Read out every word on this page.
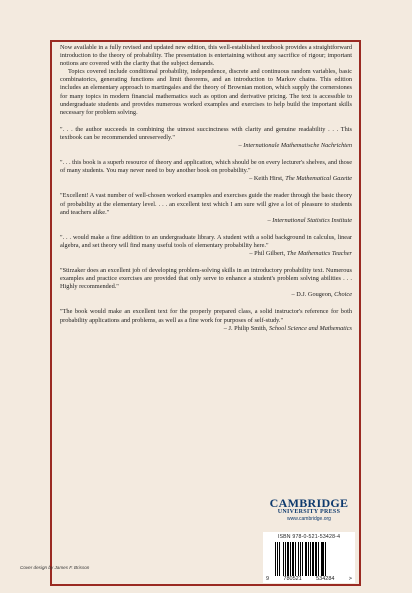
Now available in a fully revised and updated new edition, this well-established textbook provides a straightforward introduction to the theory of probability. The presentation is entertaining without any sacrifice of rigour; important notions are covered with the clarity that the subject demands.

Topics covered include conditional probability, independence, discrete and continuous random variables, basic combinatorics, generating functions and limit theorems, and an introduction to Markov chains. This edition includes an elementary approach to martingales and the theory of Brownian motion, which supply the cornerstones for many topics in modern financial mathematics such as option and derivative pricing. The text is accessible to undergraduate students and provides numerous worked examples and exercises to help build the important skills necessary for problem solving.

". . . the author succeeds in combining the utmost succinctness with clarity and genuine readability . . . This textbook can be recommended unreservedly."

– Internationale Mathematische Nachrichten

". . . this book is a superb resource of theory and application, which should be on every lecturer's shelves, and those of many students. You may never need to buy another book on probability."

– Keith Hirst, The Mathematical Gazette

"Excellent! A vast number of well-chosen worked examples and exercises guide the reader through the basic theory of probability at the elementary level. . . . an excellent text which I am sure will give a lot of pleasure to students and teachers alike."

– International Statistics Institute

". . . would make a fine addition to an undergraduate library. A student with a solid background in calculus, linear algebra, and set theory will find many useful tools of elementary probability here."

– Phil Gilbert, The Mathematics Teacher

"Stirzaker does an excellent job of developing problem-solving skills in an introductory probability text. Numerous examples and practice exercises are provided that only serve to enhance a student's problem solving abilities . . . Highly recommended."

– D.J. Gougeon, Choice

"The book would make an excellent text for the properly prepared class, a solid instructor's reference for both probability applications and problems, as well as a fine work for purposes of self-study."

– J. Philip Smith, School Science and Mathematics

CAMBRIDGE
UNIVERSITY PRESS
www.cambridge.org
ISBN 978-0-521-53428-4
9	780521	534284	>
Cover design by James F. Brisson
